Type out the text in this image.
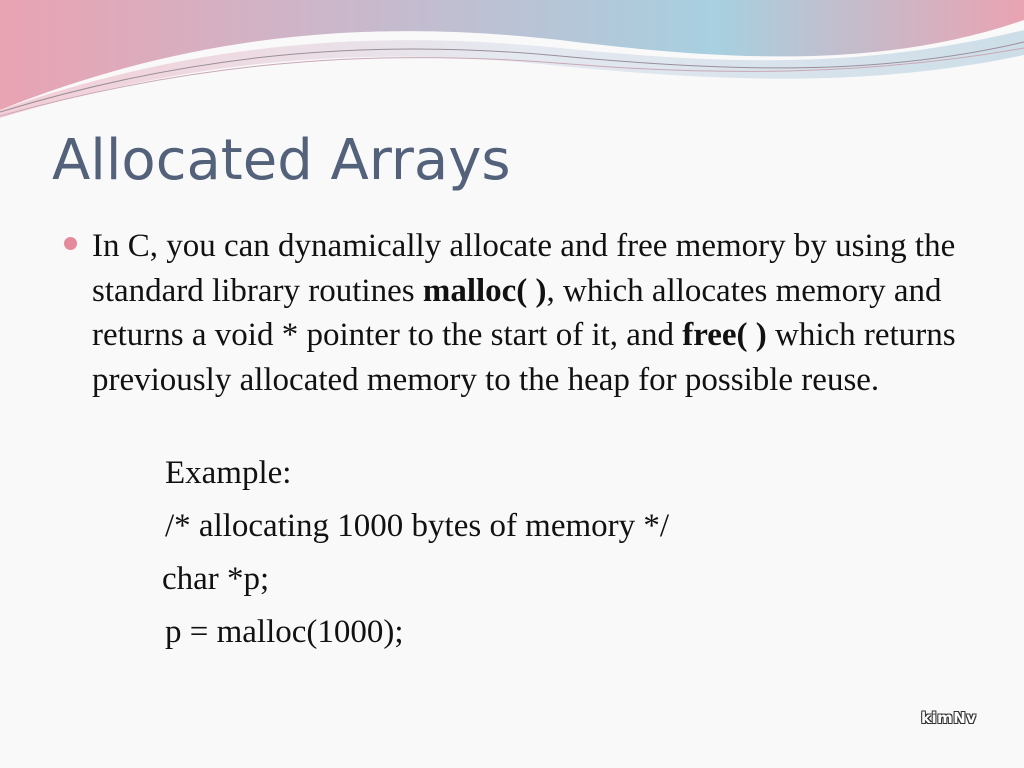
Allocated Arrays
In C, you can dynamically allocate and free memory by using the standard library routines malloc( ), which allocates memory and returns a void * pointer to the start of it, and free( ) which returns previously allocated memory to the heap for possible reuse.
Example:
/* allocating 1000 bytes of memory */
char *p;
p = malloc(1000);
kimNv
